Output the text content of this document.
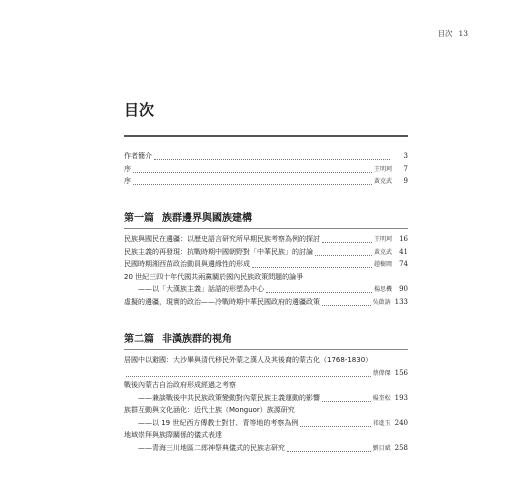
目次 13
目次
作者簡介	3
序	王明珂	7
序	黃克武	9
第一篇 族群邊界與國族建構
民族與國民在邊疆：以歷史語言研究所早期民族考察為例的探討	王明珂	16
民族主義的再發現：抗戰時期中國朝野對「中華民族」的討論	黃克武	41
民國時期湘西苗政治動員與邊緣性的形成	趙樹岡	74
20 世紀三四十年代國共兩黨關於國內民族政策問題的論爭
——以「大漢族主義」話語的形塑為中心	楊思機	90
虛擬的邊疆，現實的政治——冷戰時期中華民國政府的邊疆政策	吳啟訥 133
第二篇 非漢族群的視角
居國中以避國：大沙畢與清代移民外蒙之漢人及其後裔的蒙古化（1768-1830）
蔡偉傑 156
戰後內蒙古自治政府形成經過之考察
——兼談戰後中共民族政策變動對內蒙民族主義運動的影響	楊奎松 193
族群互動與文化涵化：近代土族（Monguor）族源研究
——以 19 世紀西方傳教士對甘、青等地的考察為例	祁進玉 240
地域崇拜與族際關係的儀式表達
——青海三川地區二郎神祭典儀式的民族志研究	劉目斌 258
